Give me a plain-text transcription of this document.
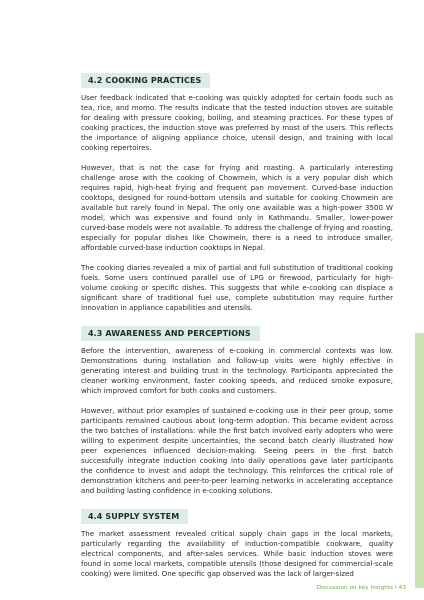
4.2 COOKING PRACTICES

User feedback indicated that e-cooking was quickly adopted for certain foods such as tea, rice, and momo. The results indicate that the tested induction stoves are suitable for dealing with pressure cooking, boiling, and steaming practices. For these types of cooking practices, the induction stove was preferred by most of the users. This reflects the importance of aligning appliance choice, utensil design, and training with local cooking repertoires.

However, that is not the case for frying and roasting. A particularly interesting challenge arose with the cooking of Chowmein, which is a very popular dish which requires rapid, high-heat frying and frequent pan movement. Curved-base induction cooktops, designed for round-bottom utensils and suitable for cooking Chowmein are available but rarely found in Nepal. The only one available was a high-power 3500 W model, which was expensive and found only in Kathmandu. Smaller, lower-power curved-base models were not available. To address the challenge of frying and roasting, especially for popular dishes like Chowmein, there is a need to introduce smaller, affordable curved-base induction cooktops in Nepal.

The cooking diaries revealed a mix of partial and full substitution of traditional cooking fuels. Some users continued parallel use of LPG or firewood, particularly for high-volume cooking or specific dishes. This suggests that while e-cooking can displace a significant share of traditional fuel use, complete substitution may require further innovation in appliance capabilities and utensils.

4.3 AWARENESS AND PERCEPTIONS

Before the intervention, awareness of e-cooking in commercial contexts was low. Demonstrations during installation and follow-up visits were highly effective in generating interest and building trust in the technology. Participants appreciated the cleaner working environment, faster cooking speeds, and reduced smoke exposure, which improved comfort for both cooks and customers.

However, without prior examples of sustained e-cooking use in their peer group, some participants remained cautious about long-term adoption. This became evident across the two batches of installations: while the first batch involved early adopters who were willing to experiment despite uncertainties, the second batch clearly illustrated how peer experiences influenced decision-making. Seeing peers in the first batch successfully integrate induction cooking into daily operations gave later participants the confidence to invest and adopt the technology. This reinforces the critical role of demonstration kitchens and peer-to-peer learning networks in accelerating acceptance and building lasting confidence in e-cooking solutions.

4.4 SUPPLY SYSTEM

The market assessment revealed critical supply chain gaps in the local markets, particularly regarding the availability of induction-compatible cookware, quality electrical components, and after-sales services. While basic induction stoves were found in some local markets, compatible utensils (those designed for commercial-scale cooking) were limited. One specific gap observed was the lack of larger-sized

Discussion on key Insights I 43
